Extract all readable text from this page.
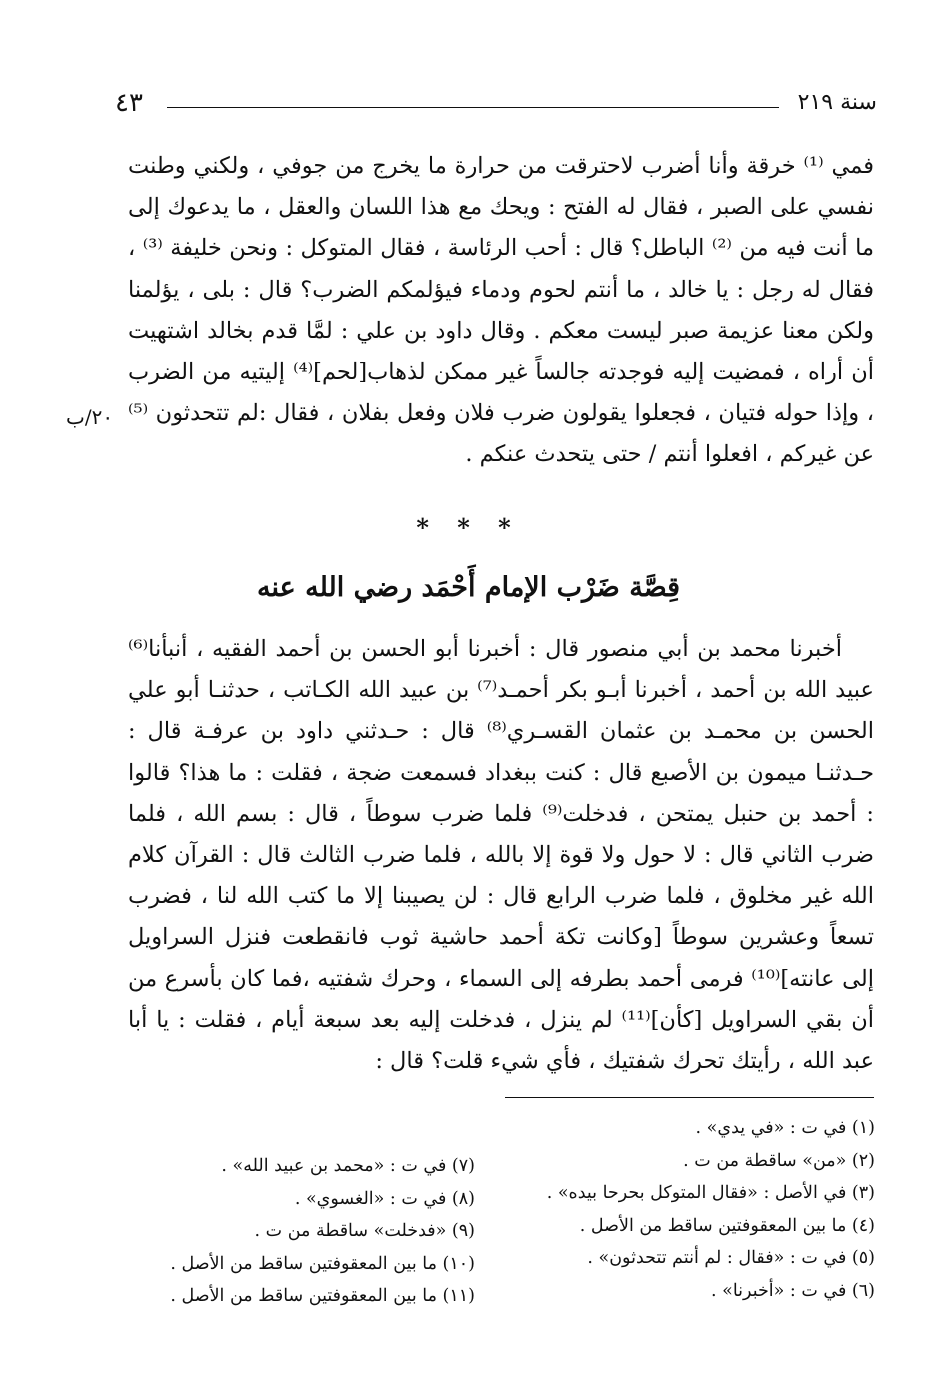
٤٣	سنة ٢١٩

فمي ⁽¹⁾ خرقة وأنا أضرب لاحترقت من حرارة ما يخرج من جوفي ، ولكني وطنت نفسي على الصبر ، فقال له الفتح : ويحك مع هذا اللسان والعقل ، ما يدعوك إلى ما أنت فيه من ⁽²⁾ الباطل؟ قال : أحب الرئاسة ، فقال المتوكل : ونحن خليفة ⁽³⁾ ، فقال له رجل : يا خالد ، ما أنتم لحوم ودماء فيؤلمكم الضرب؟ قال : بلى ، يؤلمنا ولكن معنا عزيمة صبر ليست معكم . وقال داود بن علي : لمَّا قدم بخالد اشتهيت أن أراه ، فمضيت إليه فوجدته جالساً غير ممكن لذهاب[لحم]⁽⁴⁾ إليتيه من الضرب ، وإذا حوله فتيان ، فجعلوا يقولون ضرب فلان وفعل بفلان ، فقال :لم تتحدثون ⁽⁵⁾ عن غيركم ، افعلوا أنتم / حتى يتحدث عنكم .

٢٠/ب
* * *
قِصَّة ضَرْب الإمام أَحْمَد رضي الله عنه

أخبرنا محمد بن أبي منصور قال : أخبرنا أبو الحسن بن أحمد الفقيه ، أنبأنا⁽⁶⁾ عبيد الله بن أحمد ، أخبرنا أبـو بكر أحمـد⁽⁷⁾ بن عبيد الله الكـاتب ، حدثنـا أبو علي الحسن بن محمـد بن عثمان القسـري⁽⁸⁾ قال : حـدثني داود بن عرفـة قال : حـدثنـا ميمون بن الأصبع قال : كنت ببغداد فسمعت ضجة ، فقلت : ما هذا؟ قالوا : أحمد بن حنبل يمتحن ، فدخلت⁽⁹⁾ فلما ضرب سوطاً ، قال : بسم الله ، فلما ضرب الثاني قال : لا حول ولا قوة إلا بالله ، فلما ضرب الثالث قال : القرآن كلام الله غير مخلوق ، فلما ضرب الرابع قال : لن يصيبنا إلا ما كتب الله لنا ، فضرب تسعاً وعشرين سوطاً [وكانت تكة أحمد حاشية ثوب فانقطعت فنزل السراويل إلى عانته]⁽¹⁰⁾ فرمى أحمد بطرفه إلى السماء ، وحرك شفتيه ،فما كان بأسرع من أن بقي السراويل [كأن]⁽¹¹⁾ لم ينزل ، فدخلت إليه بعد سبعة أيام ، فقلت : يا أبا عبد الله ، رأيتك تحرك شفتيك ، فأي شيء قلت؟ قال :

(١) في ت : «في يدي» .
(٢) «من» ساقطة من ت .
(٣) في الأصل : «فقال المتوكل بحرحا بيده» .
(٤) ما بين المعقوفتين ساقط من الأصل .
(٥) في ت : «فقال : لم أنتم تتحدثون» .
(٦) في ت : «أخبرنا» .
(٧) في ت : «محمد بن عبيد الله» .
(٨) في ت : «الغسوي» .
(٩) «فدخلت» ساقطة من ت .
(١٠) ما بين المعقوفتين ساقط من الأصل .
(١١) ما بين المعقوفتين ساقط من الأصل .
